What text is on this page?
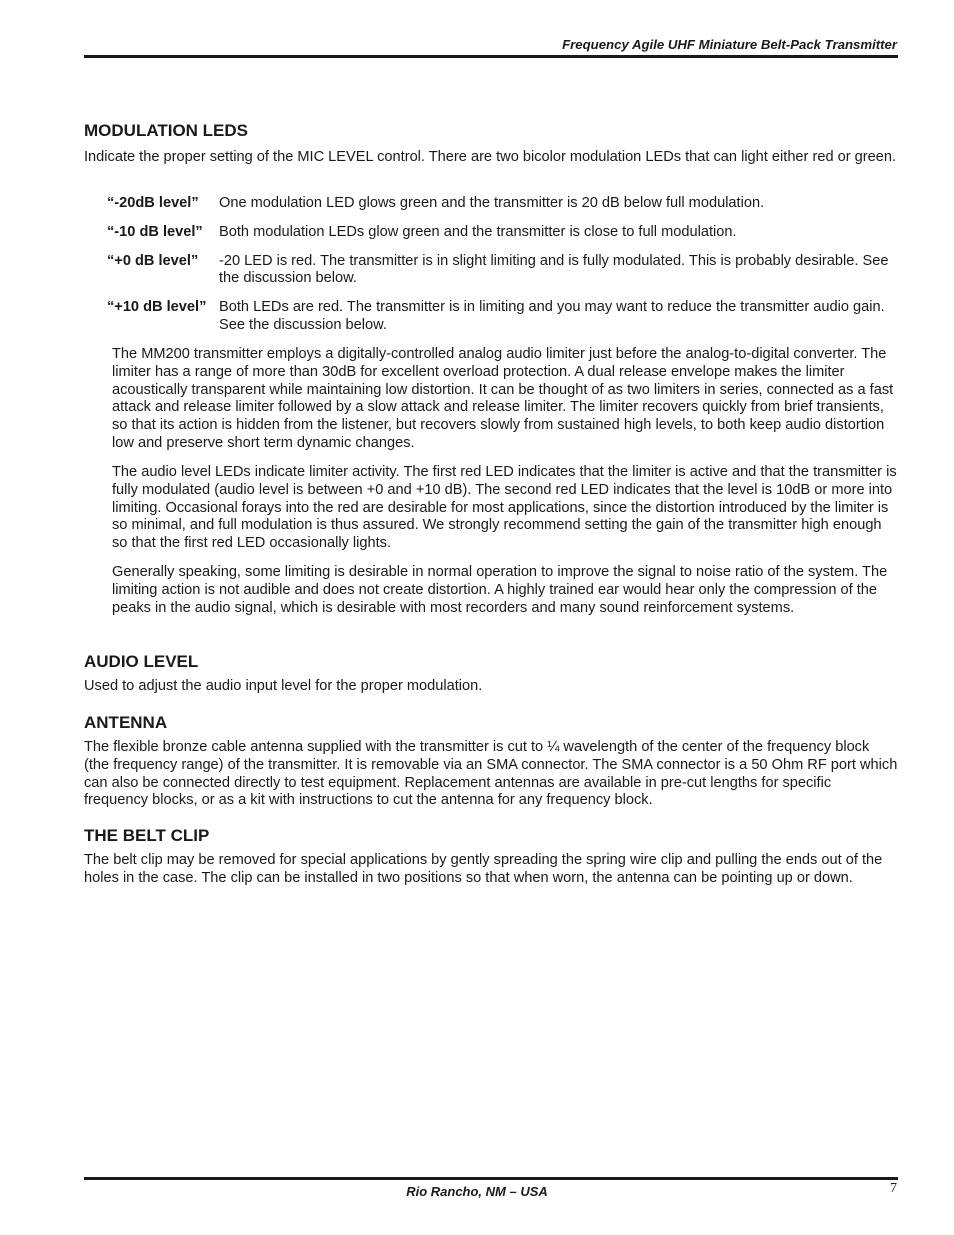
Frequency Agile UHF Miniature Belt-Pack Transmitter
MODULATION LEDS

Indicate the proper setting of the MIC LEVEL control. There are two bicolor modulation LEDs that can light either red or green.

“-20dB level”	One modulation LED glows green and the transmitter is 20 dB below full modulation.
“-10 dB level”	Both modulation LEDs glow green and the transmitter is close to full modulation.
“+0 dB level”	-20 LED is red. The transmitter is in slight limiting and is fully modulated. This is probably desirable. See the discussion below.
“+10 dB level” Both LEDs are red. The transmitter is in limiting and you may want to reduce the transmitter audio gain. See the discussion below.

The MM200 transmitter employs a digitally-controlled analog audio limiter just before the analog-to-digital converter. The limiter has a range of more than 30dB for excellent overload protection. A dual release envelope makes the limiter acoustically transparent while maintaining low distortion. It can be thought of as two limiters in series, connected as a fast attack and release limiter followed by a slow attack and release limiter. The limiter recovers quickly from brief transients, so that its action is hidden from the listener, but recovers slowly from sustained high levels, to both keep audio distortion low and preserve short term dynamic changes.

The audio level LEDs indicate limiter activity. The first red LED indicates that the limiter is active and that the transmitter is fully modulated (audio level is between +0 and +10 dB). The second red LED indicates that the level is 10dB or more into limiting. Occasional forays into the red are desirable for most applications, since the distortion introduced by the limiter is so minimal, and full modulation is thus assured. We strongly recommend setting the gain of the transmitter high enough so that the first red LED occasionally lights.

Generally speaking, some limiting is desirable in normal operation to improve the signal to noise ratio of the system. The limiting action is not audible and does not create distortion. A highly trained ear would hear only the compression of the peaks in the audio signal, which is desirable with most recorders and many sound reinforcement systems.

AUDIO LEVEL

Used to adjust the audio input level for the proper modulation.

ANTENNA

The flexible bronze cable antenna supplied with the transmitter is cut to ¼ wavelength of the center of the frequency block (the frequency range) of the transmitter. It is removable via an SMA connector. The SMA connector is a 50 Ohm RF port which can also be connected directly to test equipment. Replacement antennas are available in pre-cut lengths for specific frequency blocks, or as a kit with instructions to cut the antenna for any frequency block.

THE BELT CLIP

The belt clip may be removed for special applications by gently spreading the spring wire clip and pulling the ends out of the holes in the case. The clip can be installed in two positions so that when worn, the antenna can be pointing up or down.

Rio Rancho, NM – USA	7
